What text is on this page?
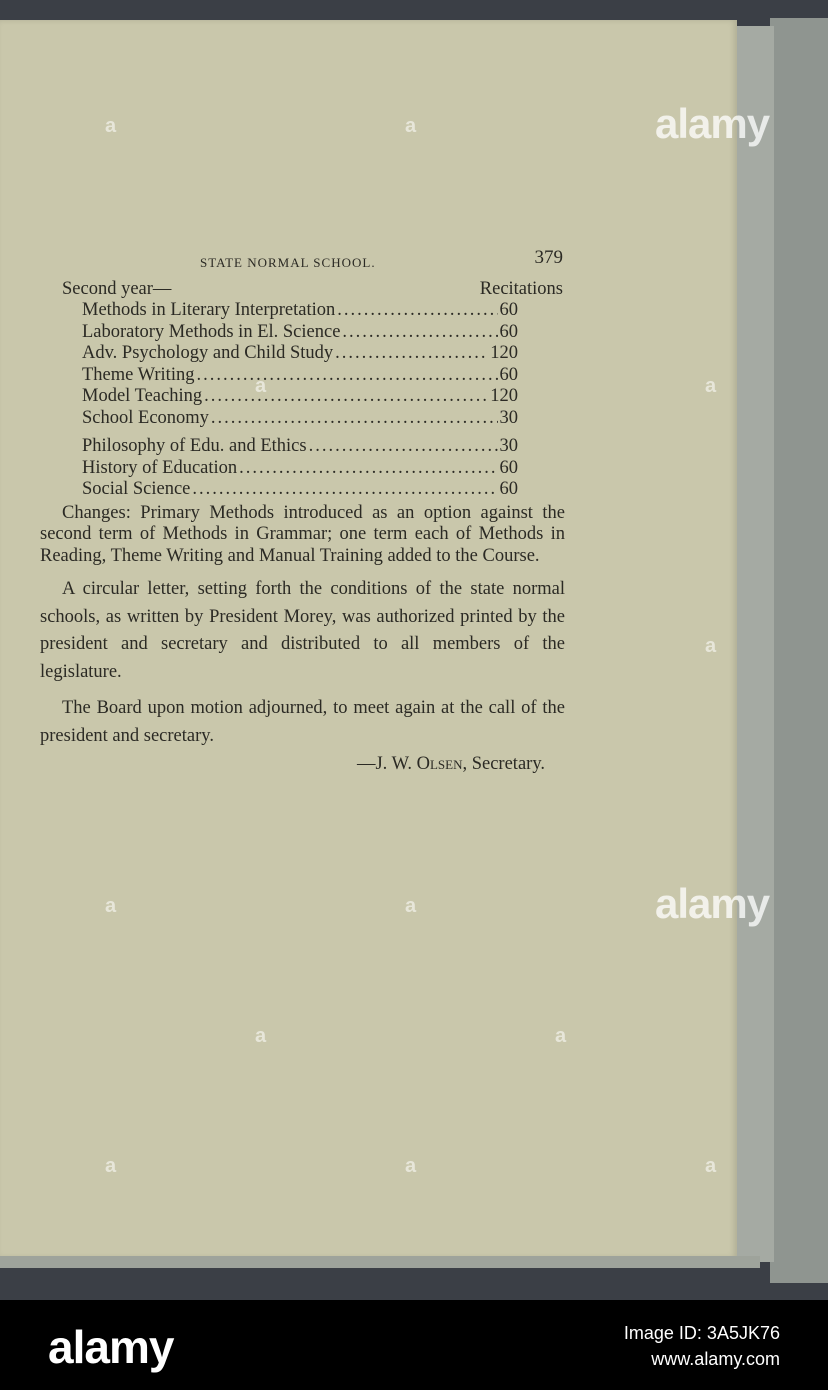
STATE NORMAL SCHOOL.	379
Second year—	Recitations
Methods in Literary Interpretation .....	60
Laboratory Methods in El. Science .....	60
Adv. Psychology and Child Study .....	120
Theme Writing .....	60
Model Teaching .....	120
School Economy .....	30
Philosophy of Edu. and Ethics .....	30
History of Education .....	60
Social Science .....	60

Changes: Primary Methods introduced as an option against the second term of Methods in Grammar; one term each of Methods in Reading, Theme Writing and Manual Training added to the Course.

A circular letter, setting forth the conditions of the state normal schools, as written by President Morey, was authorized printed by the president and secretary and distributed to all members of the legislature.

The Board upon motion adjourned, to meet again at the call of the president and secretary.

—J. W. Olsen, Secretary.
alamy
alamy
a	a
a	a
a	a
a	a	a
a
a
a
alamy	Image ID: 3A5JK76
www.alamy.com
